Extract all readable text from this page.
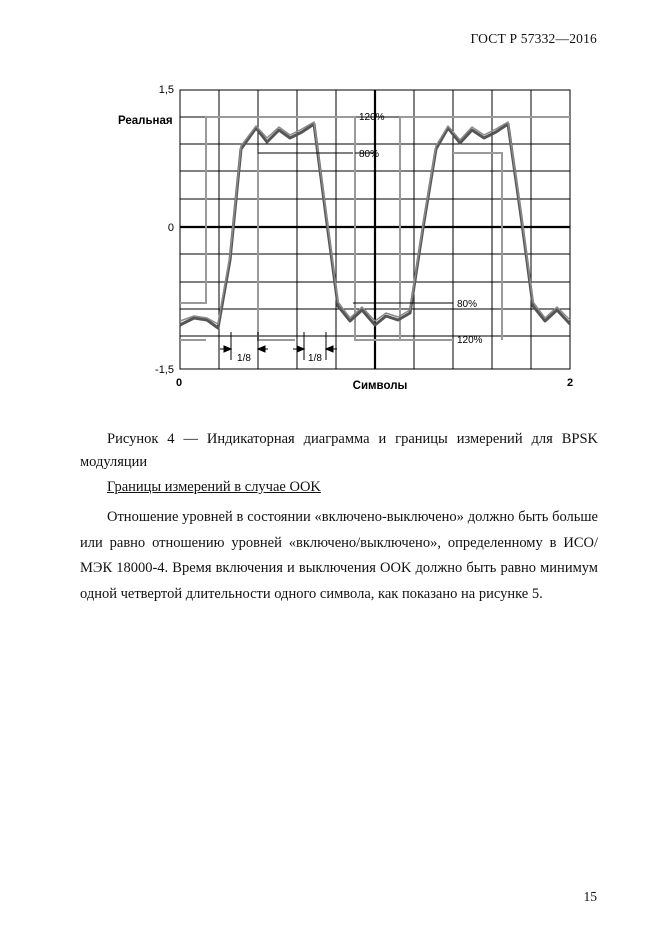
ГОСТ Р 57332—2016
Реальная
1,5
0
-1,5
0	2
Символы
120%
80%
80%
120%
1/8	1/8
Рисунок 4 — Индикаторная диаграмма и границы измерений для BPSK модуляции
Границы измерений в случае OOK
Отношение уровней в состоянии «включено-выключено» должно быть больше или равно отношению уровней «включено/выключено», определенному в ИСО/МЭК 18000-4. Время включения и выключения OOK должно быть равно минимум одной четвертой длительности одного символа, как показано на рисунке 5.
15
